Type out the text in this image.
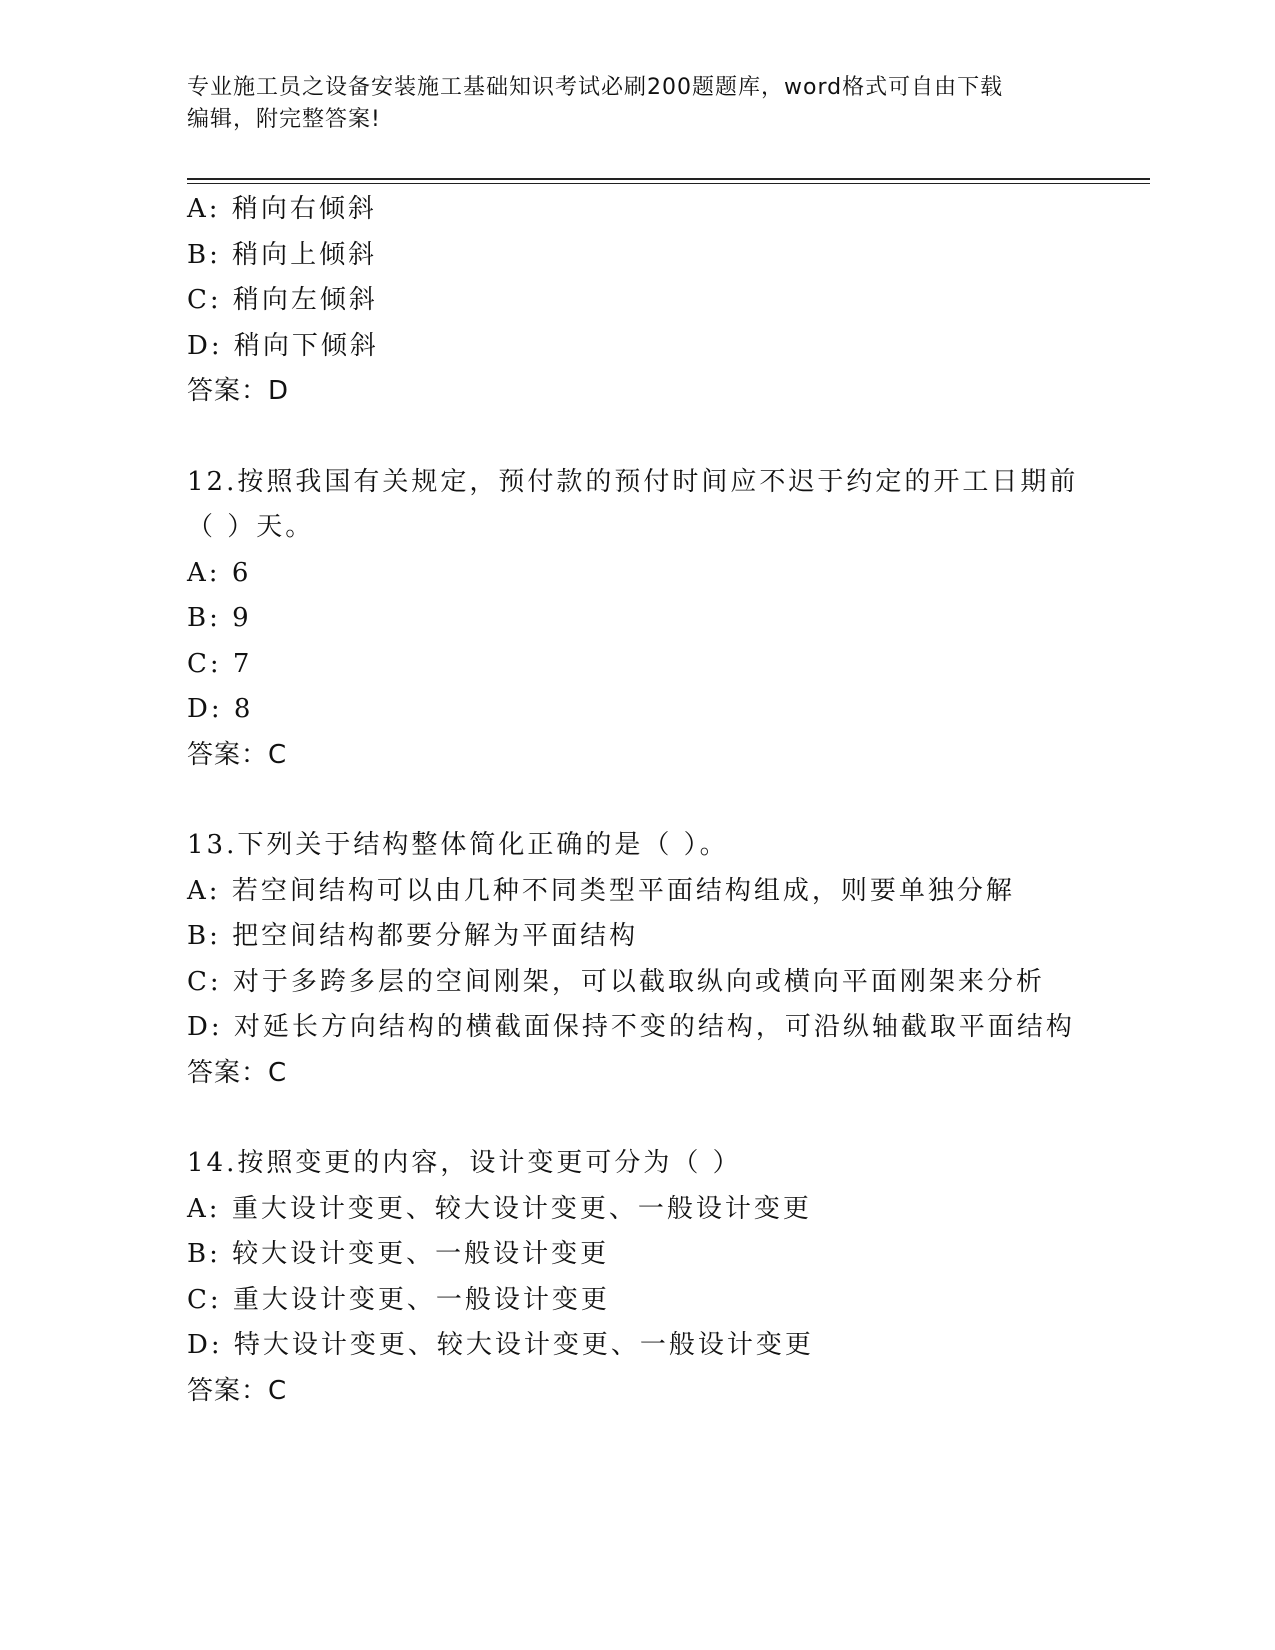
专业施工员之设备安装施工基础知识考试必刷200题题库，word格式可自由下载
编辑，附完整答案!
A: 稍向右倾斜
B: 稍向上倾斜
C: 稍向左倾斜
D: 稍向下倾斜
答案：D
12.按照我国有关规定，预付款的预付时间应不迟于约定的开工日期前
（ ）天。
A: 6
B: 9
C: 7
D: 8
答案：C
13.下列关于结构整体简化正确的是（ ）。
A: 若空间结构可以由几种不同类型平面结构组成，则要单独分解
B: 把空间结构都要分解为平面结构
C: 对于多跨多层的空间刚架，可以截取纵向或横向平面刚架来分析
D: 对延长方向结构的横截面保持不变的结构，可沿纵轴截取平面结构
答案：C
14.按照变更的内容，设计变更可分为（ ）
A: 重大设计变更、较大设计变更、一般设计变更
B: 较大设计变更、一般设计变更
C: 重大设计变更、一般设计变更
D: 特大设计变更、较大设计变更、一般设计变更
答案：C
